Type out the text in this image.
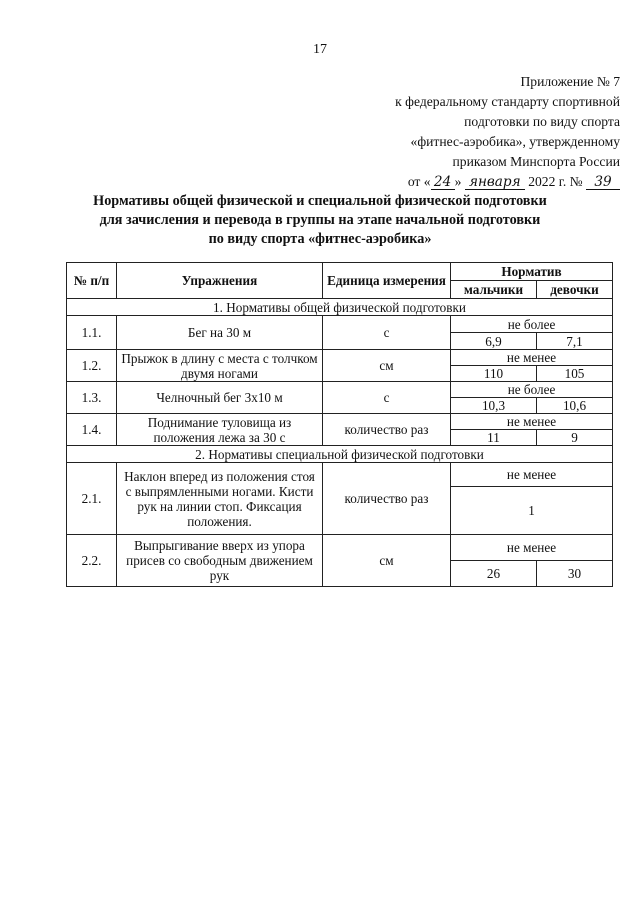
17
Приложение № 7
к федеральному стандарту спортивной
подготовки по виду спорта
«фитнес-аэробика», утвержденному
приказом Минспорта России
от « 24 » января 2022 г. № 39
Нормативы общей физической и специальной физической подготовки
для зачисления и перевода в группы на этапе начальной подготовки
по виду спорта «фитнес-аэробика»
№ п/п	Упражнения	Единица измерения	Норматив	
			мальчики	девочки
1. Нормативы общей физической подготовки				
1.1.	Бег на 30 м	с	не более	
			6,9	7,1
1.2.	Прыжок в длину с места с толчком двумя ногами	см	не менее	
			110	105
1.3.	Челночный бег 3х10 м	с	не более	
			10,3	10,6
1.4.	Поднимание туловища из положения лежа за 30 с	количество раз	не менее	
			11	9
2. Нормативы специальной физической подготовки				
2.1.	Наклон вперед из положения стоя с выпрямленными ногами. Кисти рук на линии стоп. Фиксация положения.	количество раз	не менее	
			1	
2.2.	Выпрыгивание вверх из упора присев со свободным движением рук	см	не менее	
			26	30
